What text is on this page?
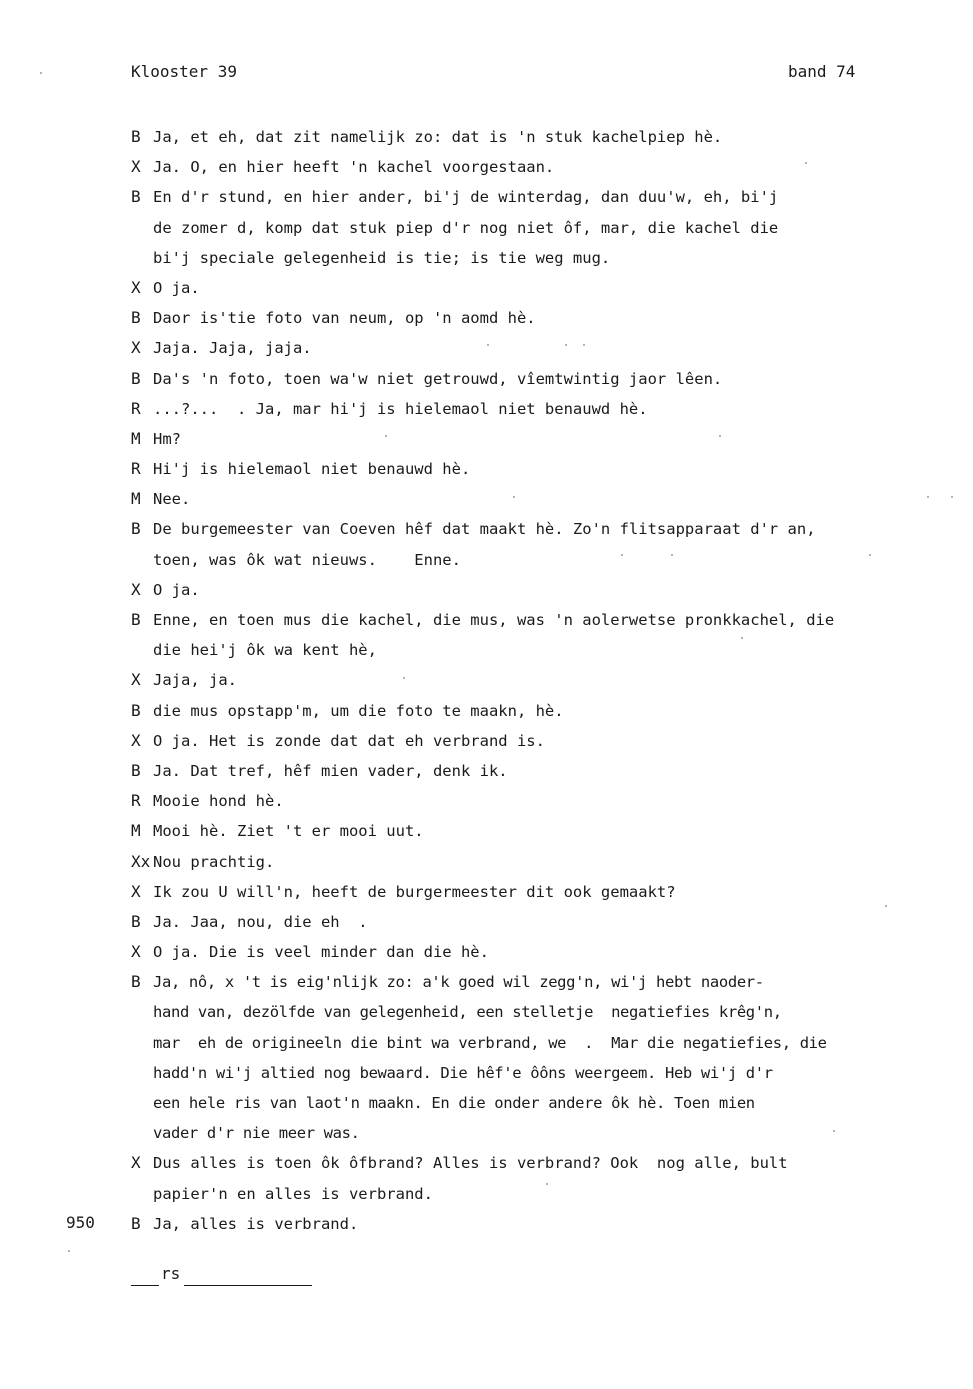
Klooster 39	band 74
B Ja, et eh, dat zit namelijk zo: dat is 'n stuk kachelpiep hè.
X Ja. O, en hier heeft 'n kachel voorgestaan.
B En d'r stund, en hier ander, bi'j de winterdag, dan duu'w, eh, bi'j
de zomer d, komp dat stuk piep d'r nog niet ôf, mar, die kachel die
bi'j speciale gelegenheid is tie; is tie weg mug.
X O ja.
B Daor is'tie foto van neum, op 'n aomd hè.
X Jaja. Jaja, jaja.
B Da's 'n foto, toen wa'w niet getrouwd, vîemtwintig jaor lêen.
R ...?...  . Ja, mar hi'j is hielemaol niet benauwd hè.
M Hm?
R Hi'j is hielemaol niet benauwd hè.
M Nee.
B De burgemeester van Coeven hêf dat maakt hè. Zo'n flitsapparaat d'r an,
toen, was ôk wat nieuws.    Enne.
X O ja.
B Enne, en toen mus die kachel, die mus, was 'n aolerwetse pronkkachel, die
die hei'j ôk wa kent hè,
X Jaja, ja.
B die mus opstapp'm, um die foto te maakn, hè.
X O ja. Het is zonde dat dat eh verbrand is.
B Ja. Dat tref, hêf mien vader, denk ik.
R Mooie hond hè.
M Mooi hè. Ziet 't er mooi uut.
Xx Nou prachtig.
X Ik zou U will'n, heeft de burgermeester dit ook gemaakt?
B Ja. Jaa, nou, die eh  .
X O ja. Die is veel minder dan die hè.
B Ja, nô, x 't is eig'nlijk zo: a'k goed wil zegg'n, wi'j hebt naoder-
hand van, dezölfde van gelegenheid, een stelletje  negatiefies krêg'n,
mar  eh de origineeln die bint wa verbrand, we  .  Mar die negatiefies, die
hadd'n wi'j altied nog bewaard. Die hêf'e ôôns weergeem. Heb wi'j d'r
een hele ris van laot'n maakn. En die onder andere ôk hè. Toen mien
vader d'r nie meer was.
X Dus alles is toen ôk ôfbrand? Alles is verbrand? Ook  nog alle, bult
papier'n en alles is verbrand.
B Ja, alles is verbrand.
950
rs
